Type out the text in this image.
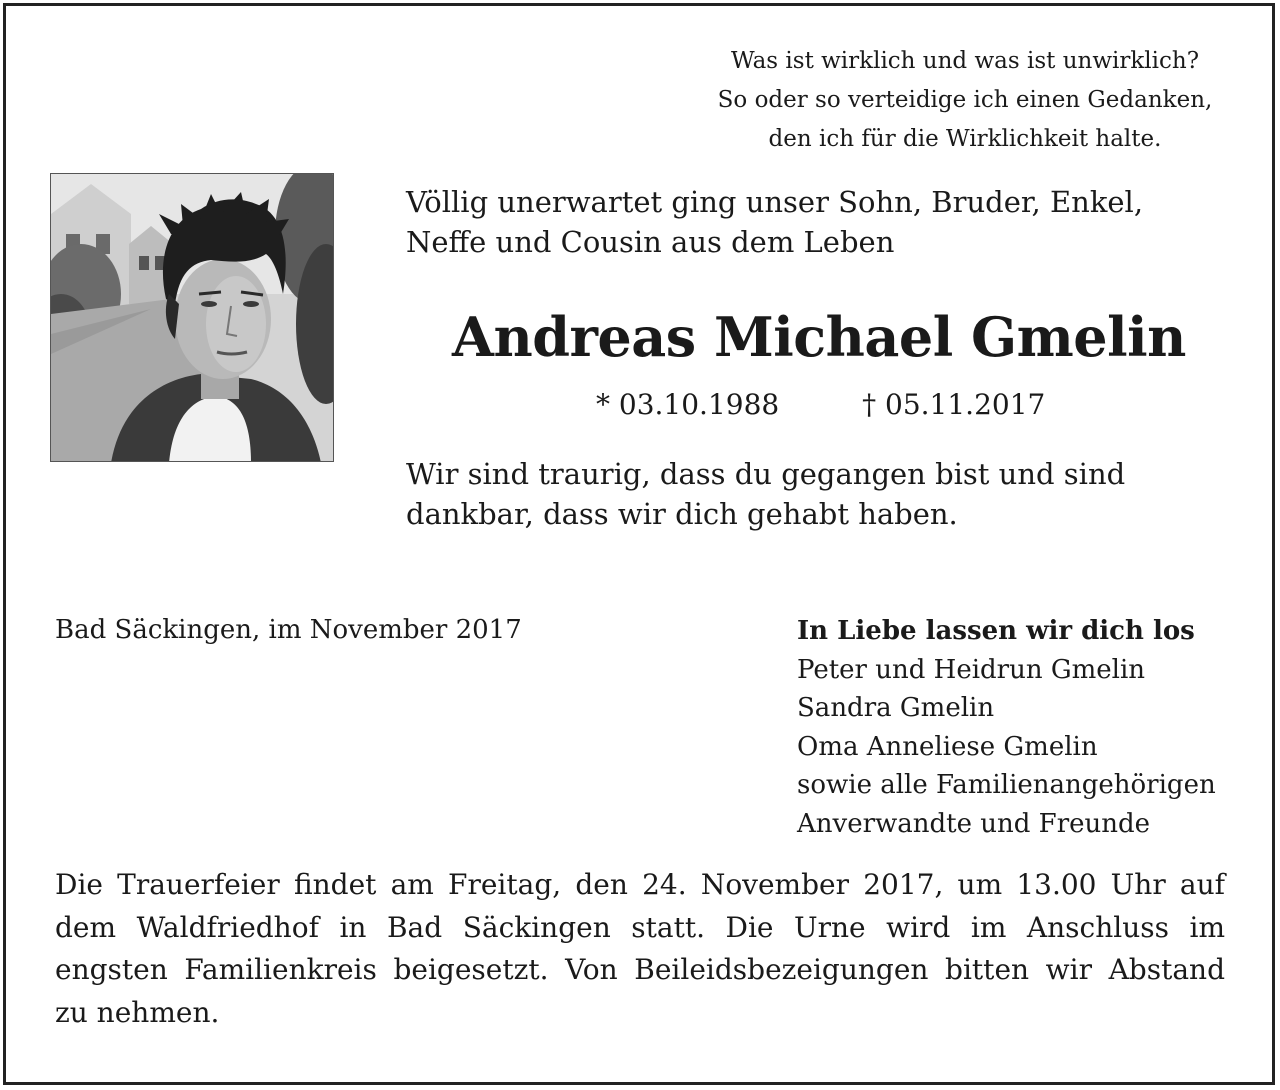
Was ist wirklich und was ist unwirklich?
So oder so verteidige ich einen Gedanken,
den ich für die Wirklichkeit halte.
Völlig unerwartet ging unser Sohn, Bruder, Enkel,
Neffe und Cousin aus dem Leben
Andreas Michael Gmelin
* 03.10.1988	† 05.11.2017
Wir sind traurig, dass du gegangen bist und sind
dankbar, dass wir dich gehabt haben.
Bad Säckingen, im November 2017	In Liebe lassen wir dich los
Peter und Heidrun Gmelin
Sandra Gmelin
Oma Anneliese Gmelin
sowie alle Familienangehörigen
Anverwandte und Freunde
Die Trauerfeier findet am Freitag, den 24. November 2017, um 13.00 Uhr auf
dem Waldfriedhof in Bad Säckingen statt. Die Urne wird im Anschluss im
engsten Familienkreis beigesetzt. Von Beileidsbezeigungen bitten wir Abstand
zu nehmen.
